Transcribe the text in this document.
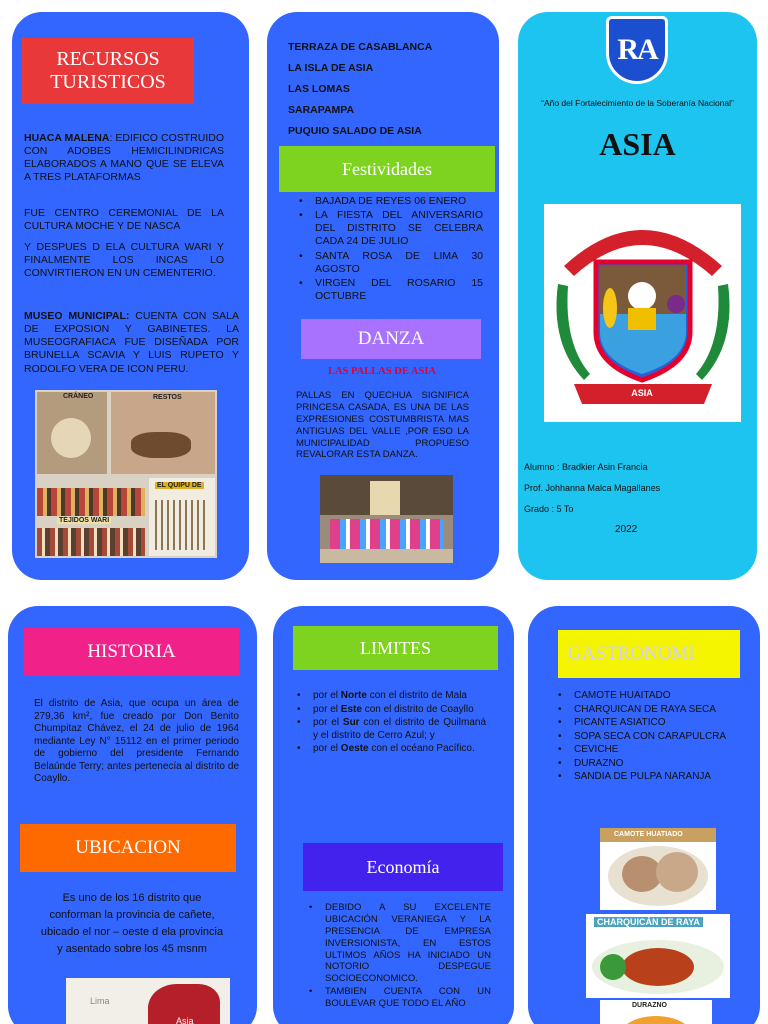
RECURSOS TURISTICOS
HUACA MALENA: EDIFICO COSTRUIDO CON ADOBES HEMICILINDRICAS ELABORADOS A MANO QUE SE ELEVA A TRES PLATAFORMAS
FUE CENTRO CEREMONIAL DE LA CULTURA MOCHE Y DE NASCA
Y DESPUES D ELA CULTURA WARI Y FINALMENTE LOS INCAS LO CONVIRTIERON EN UN CEMENTERIO.
MUSEO MUNICIPAL: CUENTA CON SALA DE EXPOSION Y GABINETES. LA MUSEOGRAFIACA FUE DISEÑADA POR BRUNELLA SCAVIA Y LUIS RUPETO Y RODOLFO VERA DE ICON PERU.
CRÁNEO	RESTOS
EL QUIPU DE
TEJIDOS WARI
TERRAZA DE CASABLANCA
LA ISLA DE ASIA
LAS LOMAS
SARAPAMPA
PUQUIO SALADO DE ASIA
Festividades
• BAJADA DE REYES 06 ENERO
• LA FIESTA DEL ANIVERSARIO DEL DISTRITO SE CELEBRA CADA 24 DE JULIO
• SANTA ROSA DE LIMA 30 AGOSTO
• VIRGEN DEL ROSARIO 15 OCTUBRE
DANZA
LAS PALLAS DE ASIA
PALLAS EN QUECHUA SIGNIFICA PRINCESA CASADA, ES UNA DE LAS EXPRESIONES COSTUMBRISTA MAS ANTIGUAS DEL VALLE ,POR ESO LA MUNICIPALIDAD PROPUESO REVALORAR ESTA DANZA.
RA
“Año del Fortalecimiento de la Soberanía Nacional”
ASIA
MUNICIPALIDAD DISTRITAL
ASIA
Alumno : Bradkier Asin Francia
Prof. Johhanna Malca Magallanes
Grado : 5 To
2022
HISTORIA
El distrito de Asia, que ocupa un área de 279,36 km², fue creado por Don Benito Chumpitaz Chávez, el 24 de julio de 1964 mediante Ley N° 15112 en el primer periodo de gobierno del presidente Fernando Belaúnde Terry; antes pertenecía al distrito de Coayllo.
UBICACION
Es uno de los 16 distrito que conforman la provincia de cañete, ubicado el nor – oeste d ela provincia y asentado sobre los 45 msnm
Lima
Asia
LIMITES
• por el Norte con el distrito de Mala
• por el Este con el distrito de Coayllo
• por el Sur con el distrito de Quilmaná y el distrito de Cerro Azul; y
• por el Oeste con el océano Pacífico.
Economía
• DEBIDO A SU EXCELENTE UBICACIÓN VERANIEGA Y LA PRESENCIA DE EMPRESA INVERSIONISTA, EN ESTOS ULTIMOS AÑOS HA INICIADO UN NOTORIO DESPEGUE SOCIOECONOMICO.
• TAMBIEN CUENTA CON UN BOULEVAR QUE TODO EL AÑO
GASTRONOMI
• CAMOTE HUAITADO
• CHARQUICAN DE RAYA SECA
• PICANTE ASIATICO
• SOPA SECA CON CARAPULCRA
• CEVICHE
• DURAZNO
• SANDIA DE PULPA NARANJA
CAMOTE HUATIADO
CHARQUICÁN DE RAYA
SECA
DURAZNO
